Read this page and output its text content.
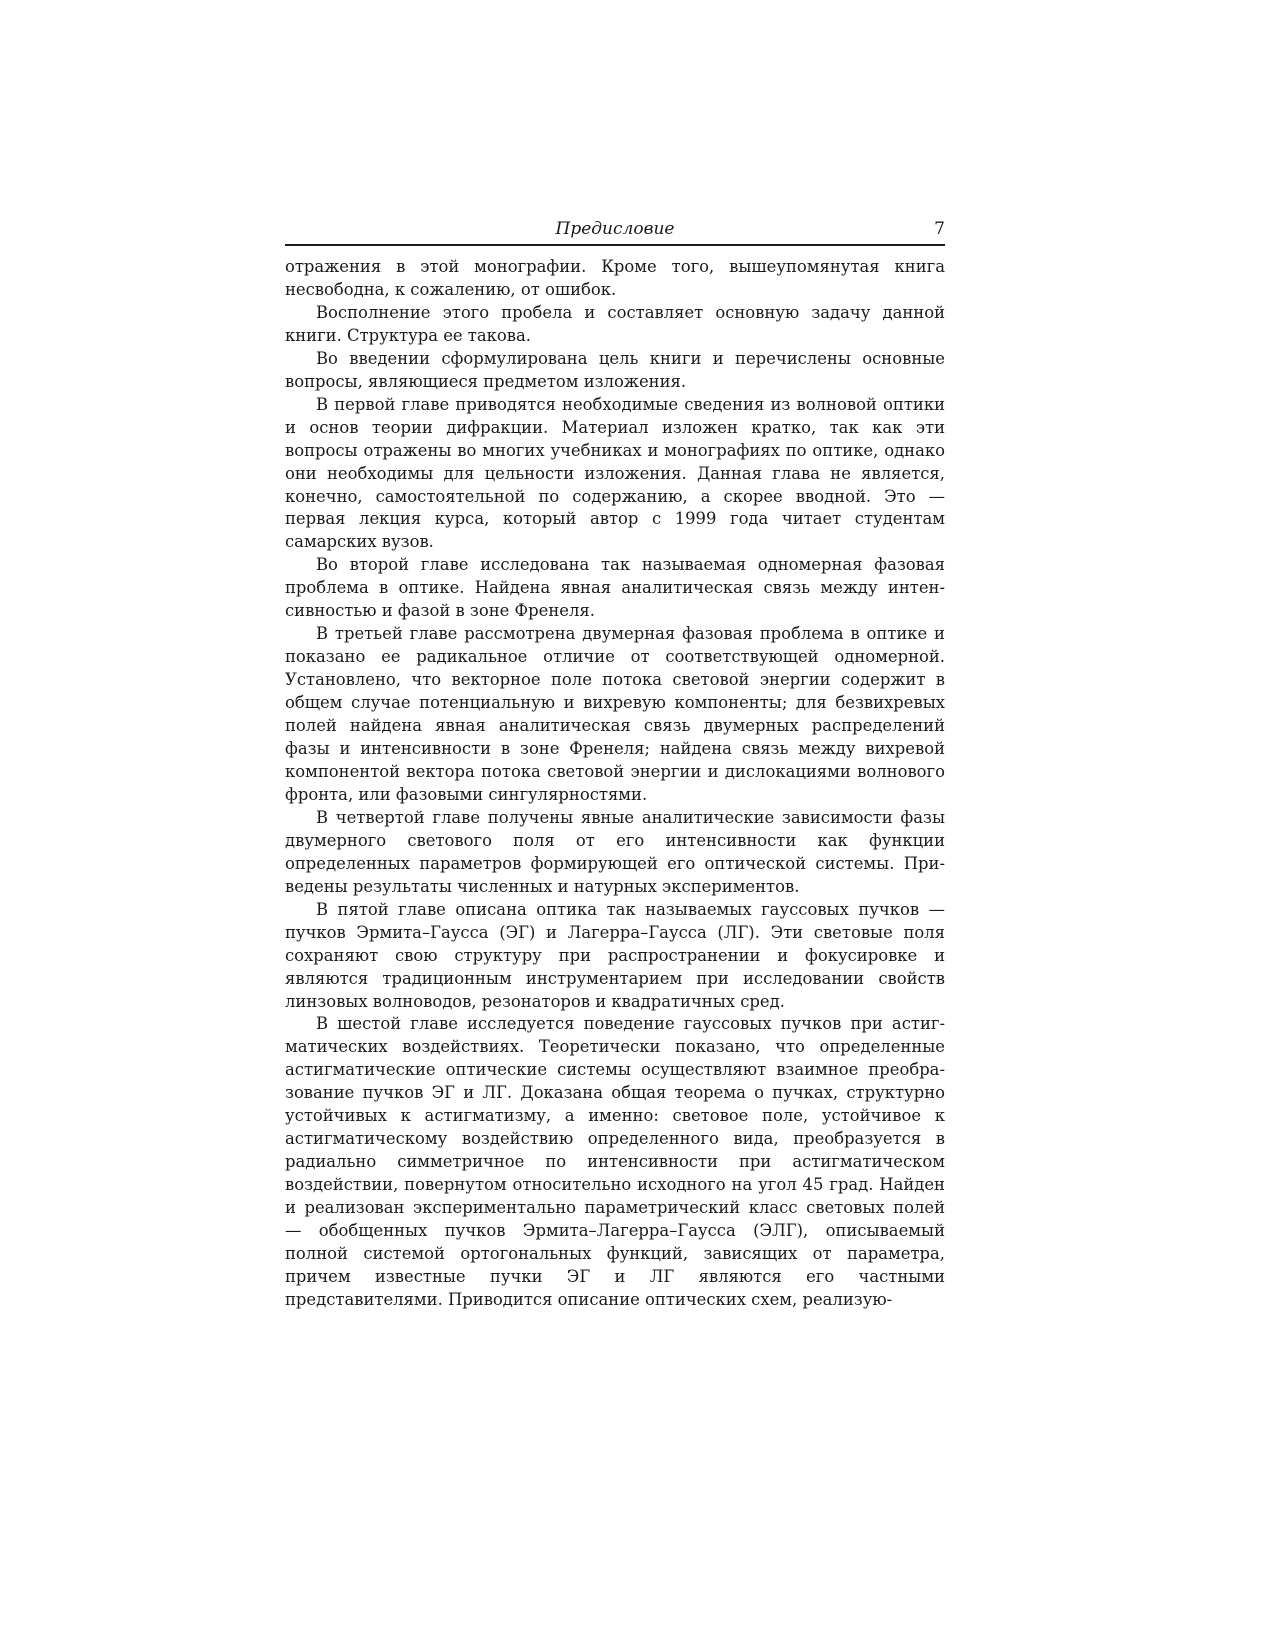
Предисловие	7

отражения в этой монографии. Кроме того, вышеупомянутая книга несвободна, к сожалению, от ошибок.

Восполнение этого пробела и составляет основную задачу данной книги. Структура ее такова.

Во введении сформулирована цель книги и перечислены основные вопросы, являющиеся предметом изложения.

В первой главе приводятся необходимые сведения из волновой оптики и основ теории дифракции. Материал изложен кратко, так как эти вопросы отражены во многих учебниках и монографиях по оптике, однако они необходимы для цельности изложения. Данная глава не является, конечно, самостоятельной по содержанию, а скорее вводной. Это — первая лекция курса, который автор с 1999 года читает студентам самарских вузов.

Во второй главе исследована так называемая одномерная фазовая проблема в оптике. Найдена явная аналитическая связь между интенсивностью и фазой в зоне Френеля.

В третьей главе рассмотрена двумерная фазовая проблема в оптике и показано ее радикальное отличие от соответствующей одномерной. Установлено, что векторное поле потока световой энергии содержит в общем случае потенциальную и вихревую компоненты; для безвихревых полей найдена явная аналитическая связь двумерных распределений фазы и интенсивности в зоне Френеля; найдена связь между вихревой компонентой вектора потока световой энергии и дислокациями волнового фронта, или фазовыми сингулярностями.

В четвертой главе получены явные аналитические зависимости фазы двумерного светового поля от его интенсивности как функции определенных параметров формирующей его оптической системы. Приведены результаты численных и натурных экспериментов.

В пятой главе описана оптика так называемых гауссовых пучков — пучков Эрмита–Гаусса (ЭГ) и Лагерра–Гаусса (ЛГ). Эти световые поля сохраняют свою структуру при распространении и фокусировке и являются традиционным инструментарием при исследовании свойств линзовых волноводов, резонаторов и квадратичных сред.

В шестой главе исследуется поведение гауссовых пучков при астигматических воздействиях. Теоретически показано, что определенные астигматические оптические системы осуществляют взаимное преобразование пучков ЭГ и ЛГ. Доказана общая теорема о пучках, структурно устойчивых к астигматизму, а именно: световое поле, устойчивое к астигматическому воздействию определенного вида, преобразуется в радиально симметричное по интенсивности при астигматическом воздействии, повернутом относительно исходного на угол 45 град. Найден и реализован экспериментально параметрический класс световых полей — обобщенных пучков Эрмита–Лагерра–Гаусса (ЭЛГ), описываемый полной системой ортогональных функций, зависящих от параметра, причем известные пучки ЭГ и ЛГ являются его частными представителями. Приводится описание оптических схем, реализую-
